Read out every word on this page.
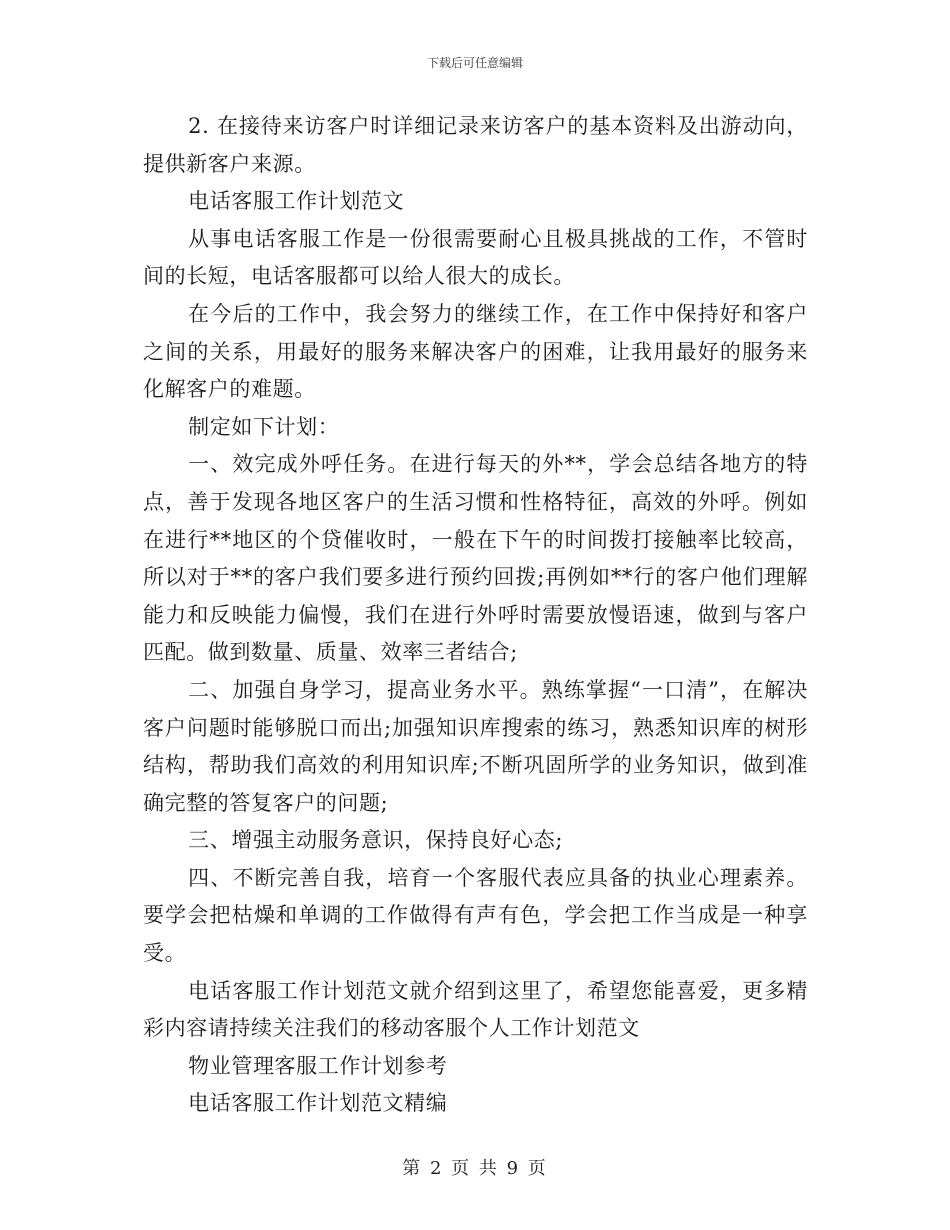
下载后可任意编辑

2. 在接待来访客户时详细记录来访客户的基本资料及出游动向，提供新客户来源。

电话客服工作计划范文

从事电话客服工作是一份很需要耐心且极具挑战的工作，不管时间的长短，电话客服都可以给人很大的成长。

在今后的工作中，我会努力的继续工作，在工作中保持好和客户之间的关系，用最好的服务来解决客户的困难，让我用最好的服务来化解客户的难题。

制定如下计划：

一、效完成外呼任务。在进行每天的外**，学会总结各地方的特点，善于发现各地区客户的生活习惯和性格特征，高效的外呼。例如在进行**地区的个贷催收时，一般在下午的时间拨打接触率比较高，所以对于**的客户我们要多进行预约回拨;再例如**行的客户他们理解能力和反映能力偏慢，我们在进行外呼时需要放慢语速，做到与客户匹配。做到数量、质量、效率三者结合;

二、加强自身学习，提高业务水平。熟练掌握“一口清”，在解决客户问题时能够脱口而出;加强知识库搜索的练习，熟悉知识库的树形结构，帮助我们高效的利用知识库;不断巩固所学的业务知识，做到准确完整的答复客户的问题;

三、增强主动服务意识，保持良好心态;

四、不断完善自我，培育一个客服代表应具备的执业心理素养。要学会把枯燥和单调的工作做得有声有色，学会把工作当成是一种享受。

电话客服工作计划范文就介绍到这里了，希望您能喜爱，更多精彩内容请持续关注我们的移动客服个人工作计划范文

物业管理客服工作计划参考

电话客服工作计划范文精编

第 2 页 共 9 页
